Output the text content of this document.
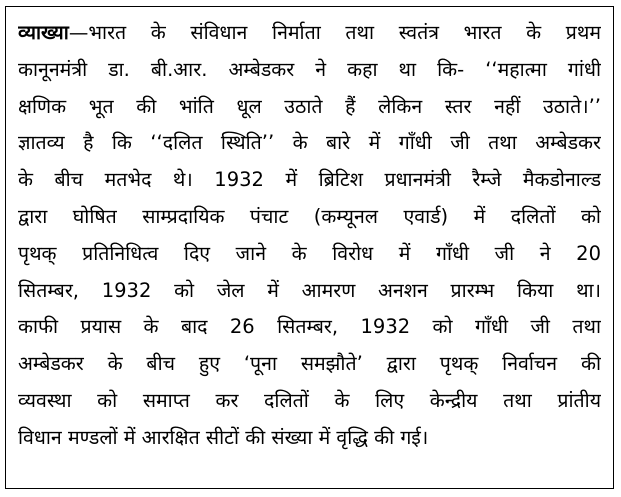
व्याख्या—भारत के संविधान निर्माता तथा स्वतंत्र भारत के प्रथम
कानूनमंत्री डा. बी.आर. अम्बेडकर ने कहा था कि- ‘‘महात्मा गांधी
क्षणिक भूत की भांति धूल उठाते हैं लेकिन स्तर नहीं उठाते।’’
ज्ञातव्य है कि ‘‘दलित स्थिति’’ के बारे में गाँधी जी तथा अम्बेडकर
के बीच मतभेद थे। 1932 में ब्रिटिश प्रधानमंत्री रैम्जे मैकडोनाल्ड
द्वारा घोषित साम्प्रदायिक पंचाट (कम्यूनल एवार्ड) में दलितों को
पृथक् प्रतिनिधित्व दिए जाने के विरोध में गाँधी जी ने 20
सितम्बर, 1932 को जेल में आमरण अनशन प्रारम्भ किया था।
काफी प्रयास के बाद 26 सितम्बर, 1932 को गाँधी जी तथा
अम्बेडकर के बीच हुए ‘पूना समझौते’ द्वारा पृथक् निर्वाचन की
व्यवस्था को समाप्त कर दलितों के लिए केन्द्रीय तथा प्रांतीय
विधान मण्डलों में आरक्षित सीटों की संख्या में वृद्धि की गई।
